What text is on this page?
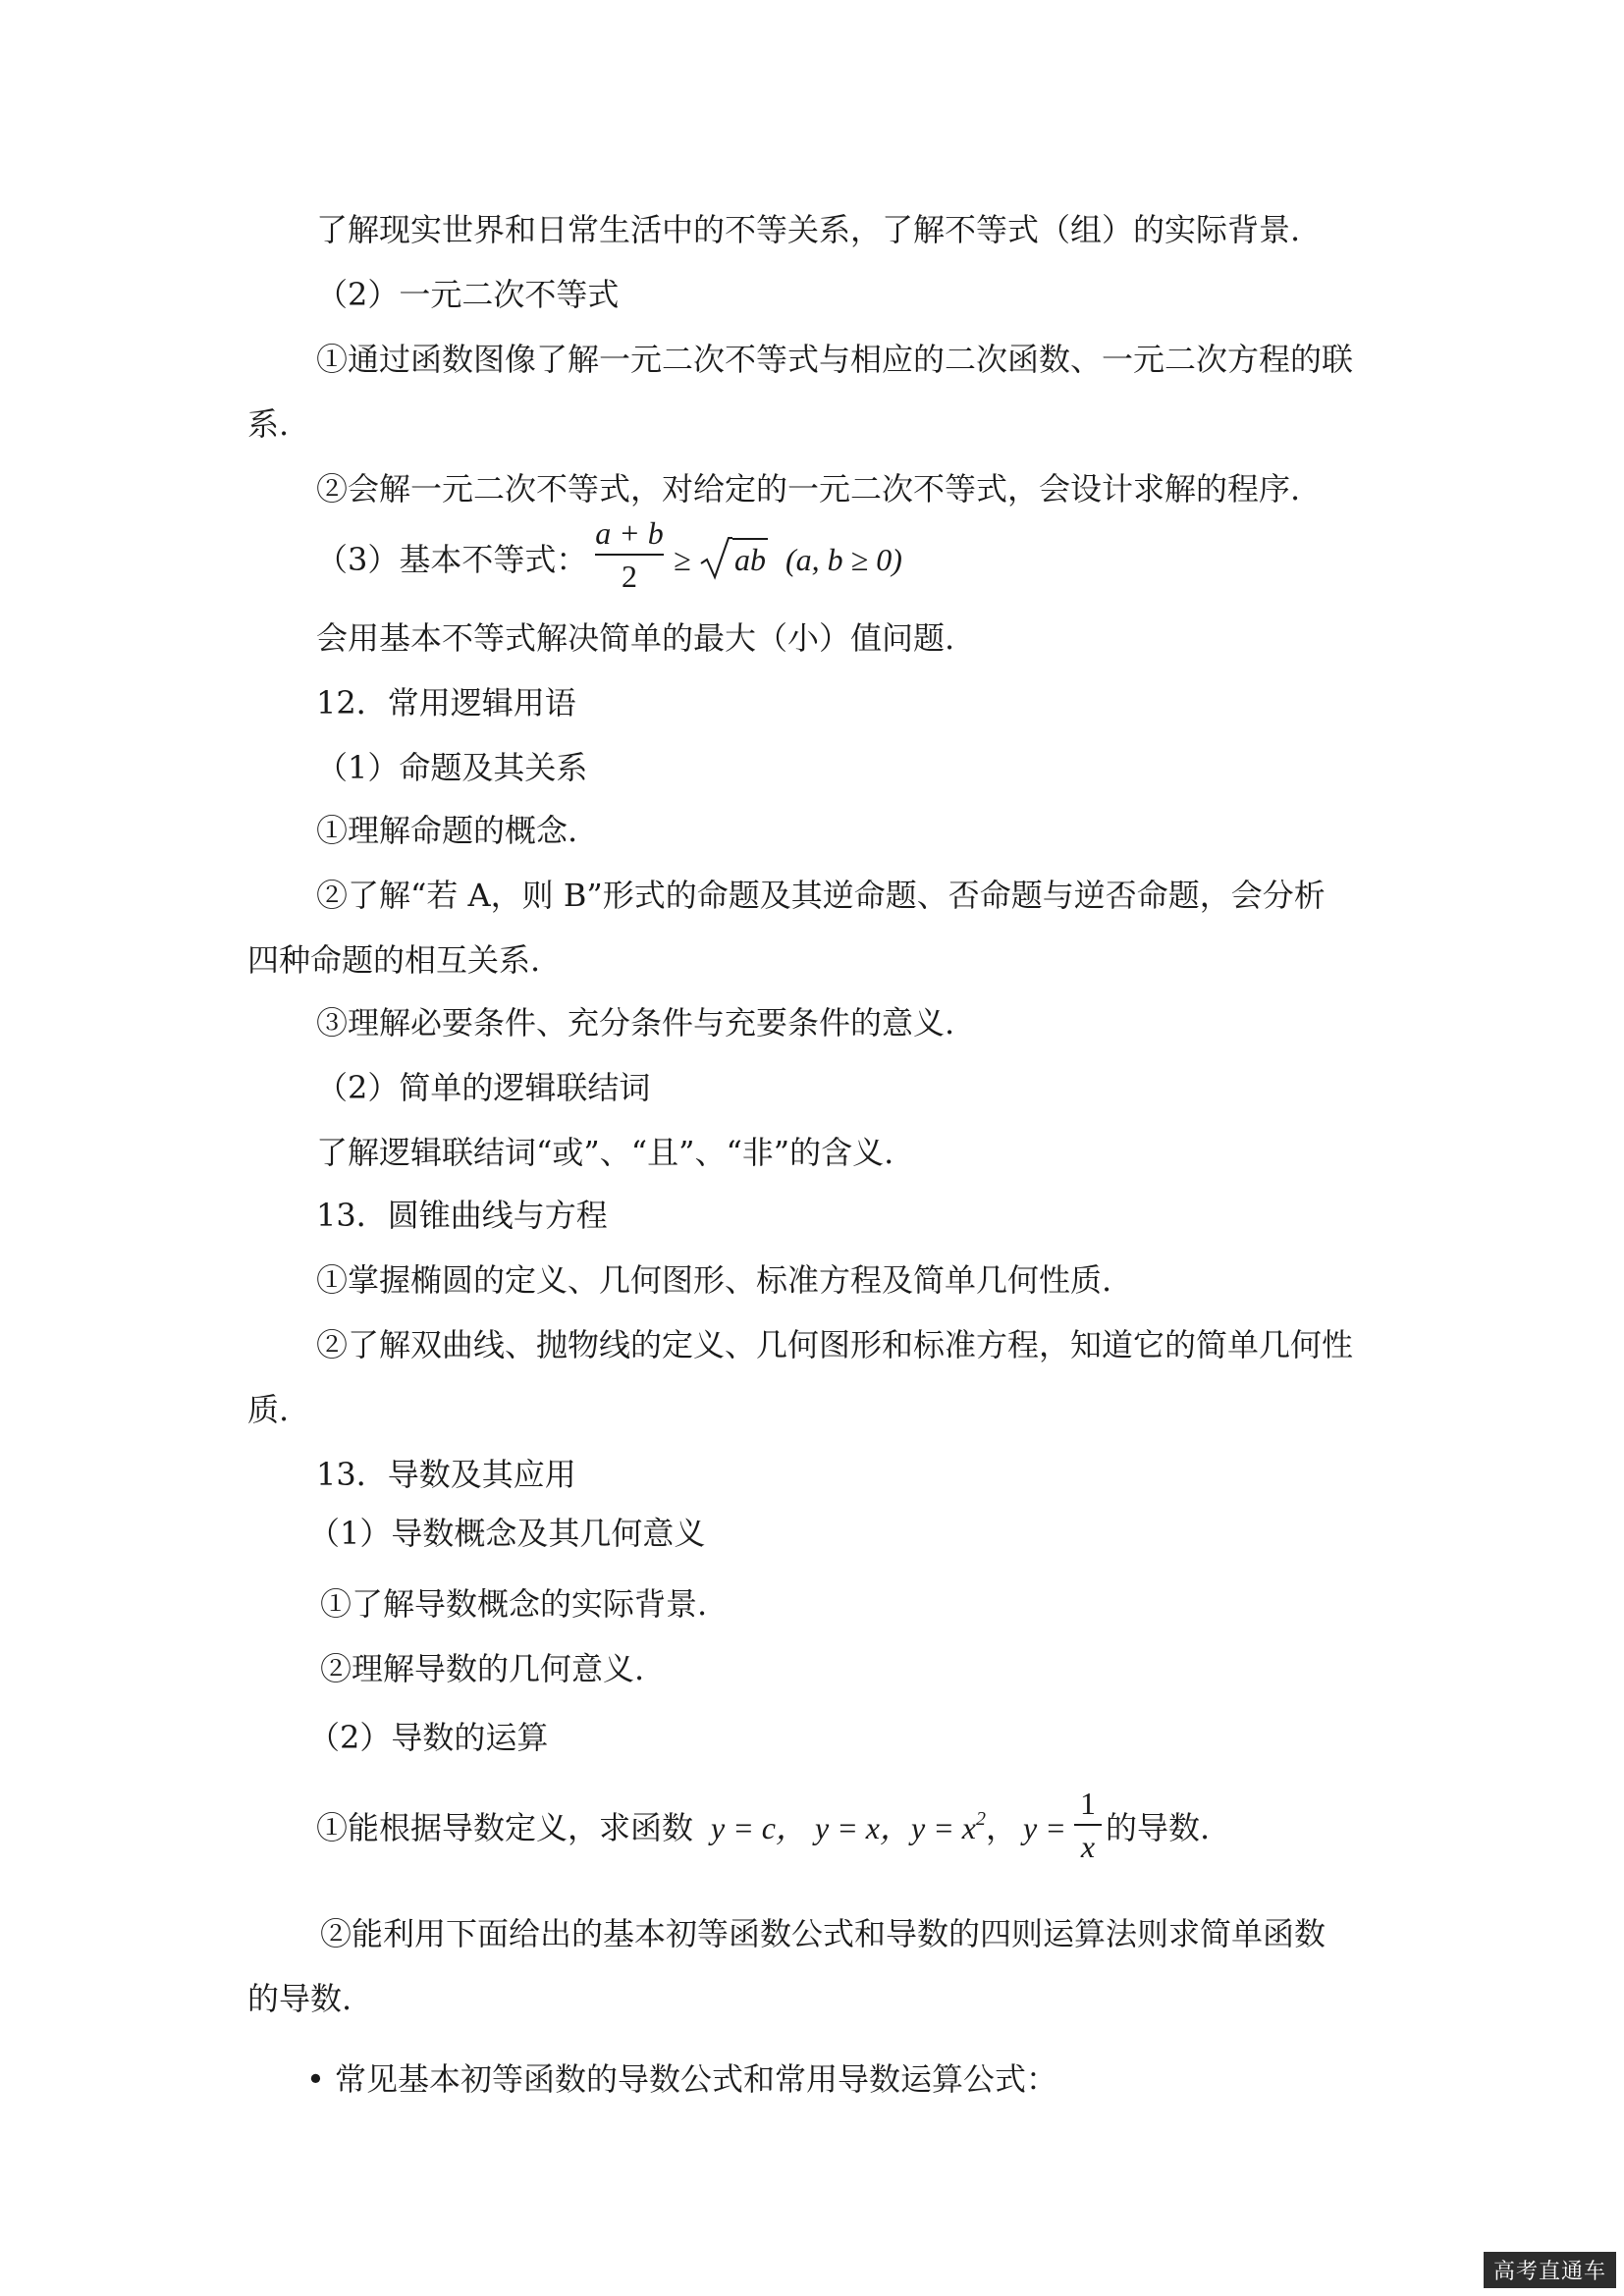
了解现实世界和日常生活中的不等关系，了解不等式（组）的实际背景.
（2）一元二次不等式
①通过函数图像了解一元二次不等式与相应的二次函数、一元二次方程的联
系.
②会解一元二次不等式，对给定的一元二次不等式，会设计求解的程序.
（3）基本不等式：
a + b
2	≥ ab (a, b ≥ 0)
会用基本不等式解决简单的最大（小）值问题.
12．常用逻辑用语
（1）命题及其关系
①理解命题的概念.
②了解“若 A，则 B”形式的命题及其逆命题、否命题与逆否命题，会分析
四种命题的相互关系.
③理解必要条件、充分条件与充要条件的意义.
（2）简单的逻辑联结词
了解逻辑联结词“或”、“且”、“非”的含义.
13．圆锥曲线与方程
①掌握椭圆的定义、几何图形、标准方程及简单几何性质.
②了解双曲线、抛物线的定义、几何图形和标准方程，知道它的简单几何性
质.
13．导数及其应用
（1）导数概念及其几何意义
①了解导数概念的实际背景.
②理解导数的几何意义.
（2）导数的运算
①能根据导数定义，求函数 y = c， y = x， $y = x^2$， y =
1
x 的导数.
②能利用下面给出的基本初等函数公式和导数的四则运算法则求简单函数
的导数.
• 常见基本初等函数的导数公式和常用导数运算公式：
高考直通车
